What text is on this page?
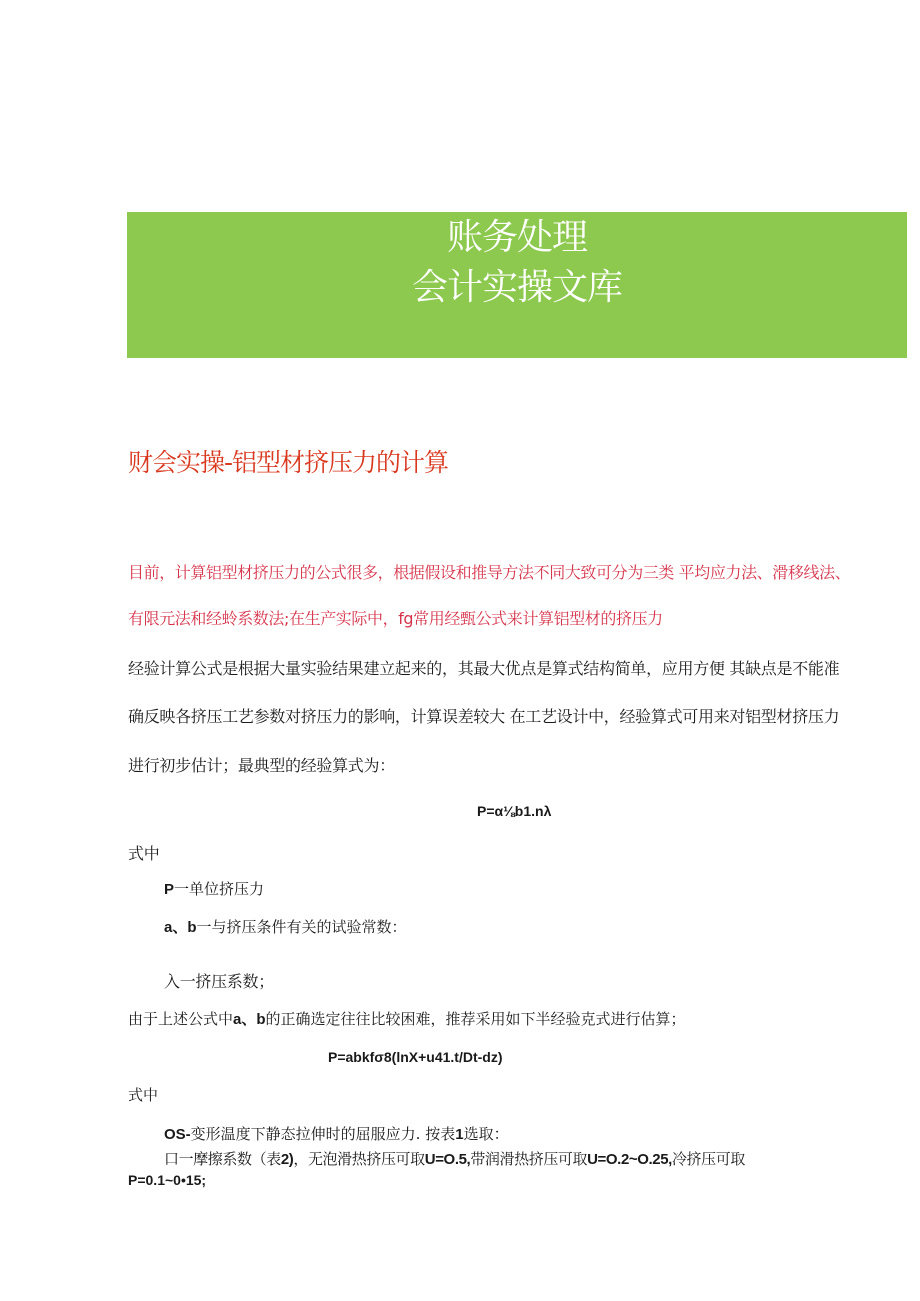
账务处理
会计实操文库
财会实操-铝型材挤压力的计算
目前，计算铝型材挤压力的公式很多，根据假设和推导方法不同大致可分为三类 平均应力法、滑移线法、
有限元法和经蛉系数法;在生产实际中，fg常用经甄公式来计算铝型材的挤压力
经验计算公式是根据大量实验结果建立起来的，其最大优点是算式结构简单，应用方便 其缺点是不能准
确反映各挤压工艺参数对挤压力的影响，计算误差较大 在工艺设计中，经验算式可用来对铝型材挤压力
进行初步估计；最典型的经验算式为：
P=α⅛b1.nλ
式中
P一单位挤压力
a、b一与挤压条件有关的试验常数：
入一挤压系数；
由于上述公式中a、b的正确选定往往比较困难，推荐采用如下半经验克式进行估算；
P=abkfσ8(lnX+u41.t/Dt-dz)
式中
OS-变形温度下静态拉伸时的屈服应力. 按表1选取：
口一摩擦系数（表2)，无泡滑热挤压可取U=O.5,带润滑热挤压可取U=O.2~O.25,冷挤压可取
P=0.1~0•15;
